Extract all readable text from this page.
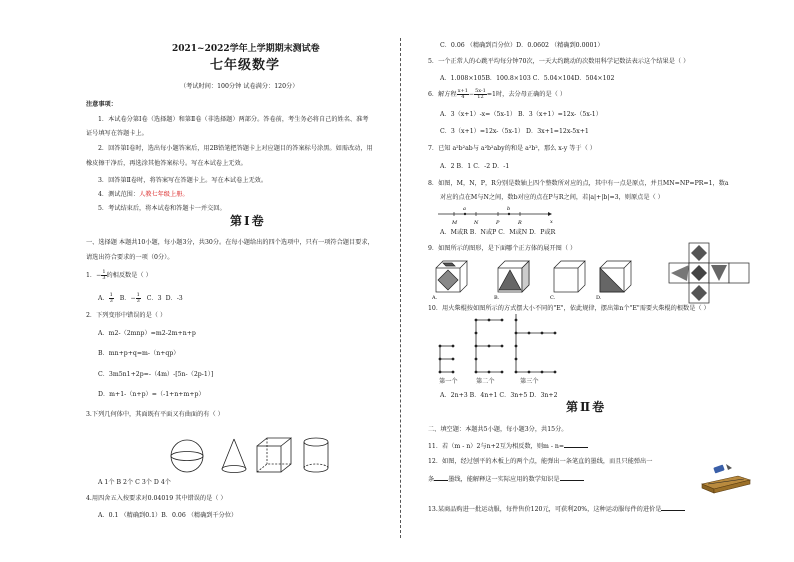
2021~2022学年上学期期末测试卷
七年级数学
（考试时间：100分钟 试卷满分：120分）
注意事项：
1．本试卷分第Ⅰ卷（选择题）和第Ⅱ卷（非选择题）两部分。答卷前，考生务必将自己的姓名、准考
证号填写在答题卡上。
2．回答第Ⅰ卷时，选出每小题答案后，用2B铅笔把答题卡上对应题目的答案标号涂黑。如需改动，用
橡皮擦干净后，再选涂其他答案标号。写在本试卷上无效。
3．回答第Ⅱ卷时，将答案写在答题卡上。写在本试卷上无效。
4．测试范围：人教七年级上册。
5．考试结束后，将本试卷和答题卡一并交回。
第Ⅰ卷
一、选择题 本题共10小题，每小题3分，共30分。在每小题给出的四个选项中，只有一项符合题目要求，
请选出符合要求的一项（0分）。
1．− $\frac{1}{3}$ 的相反数是（ ）
A． $\frac{1}{3}$ B．− $\frac{1}{3}$ C．3 D．-3
2．下列变形中错误的是（ ）
A．m2-（2mnp）=m2-2m+n+p
B．mn+p+q=m-（n+qp）
C．3m5n1+2p=-（4m）-[5n-（2p-1）]
D．m+1-（n+p）=（-1+n+m+p）
3.下列几何体中，其面既有平面又有曲面的有（ ）
A 1个 B 2个 C 3个 D 4个
4.用四舍五入按要求对0.04019 其中错误的是（ ）
A．0.1 （精确到0.1）B．0.06 （精确到千分位）
C．0.06 （精确到百分位）D．0.0602 （精确到0.0001）
5．一个正常人的心跳平均每分钟70次，一天大约跳动的次数用科学记数法表示这个结果是（ ）
A．1.008×105B．100.8×103 C．5.04×104D．504×102
6．解方程 $\frac{x+1}{4} - \frac{5x-1}{12} =1$时，去分母正确的是（ ）
A．3（x+1）-x=（5x-1） B．3（x+1）=12x-（5x-1）
C．3（x+1）=12x-（5x-1） D．3x+1=12x-5x+1
7．已知 a²b²ab与 a²b²aby的和是 a²b²，那么 x-y 等于（ ）
A．2 B．1 C．-2 D．-1
8．如图，M，N，P，R分别是数轴上四个整数所对应的点，其中有一点是原点，并且MN=NP=PR=1，数a
对应的点在M与N之间，数b对应的点在P与R之间，若|a|+|b|=3，则原点是（ ）
a	b
M	N	P	R	x
A．M或R B．N或P C．M或N D．P或R
9．如图所示的图形，是下面哪个正方体的展开图（ ）
A.	B.	C.	D.
10．用火柴棍按如图所示的方式摆大小不同的"E"，依此规律，摆出第n个"E"需要火柴棍的根数是（ ）
第一个	第二个	第三个
A．2n+3 B．4n+1 C．3n+5 D．3n+2
第Ⅱ卷
二、填空题：本题共5小题，每小题3分，共15分。
11．若（m - n）2与n+2互为相反数，则m - n=
12．如图，经过刨平的木板上的两个点，能弹出一条笔直的墨线，而且只能弹出一
条 墨线，能解释这一实际应用的数学知识是
13.某商品购进一批运动服，每件售价120元，可获利20%，这种运动服每件的进价是
